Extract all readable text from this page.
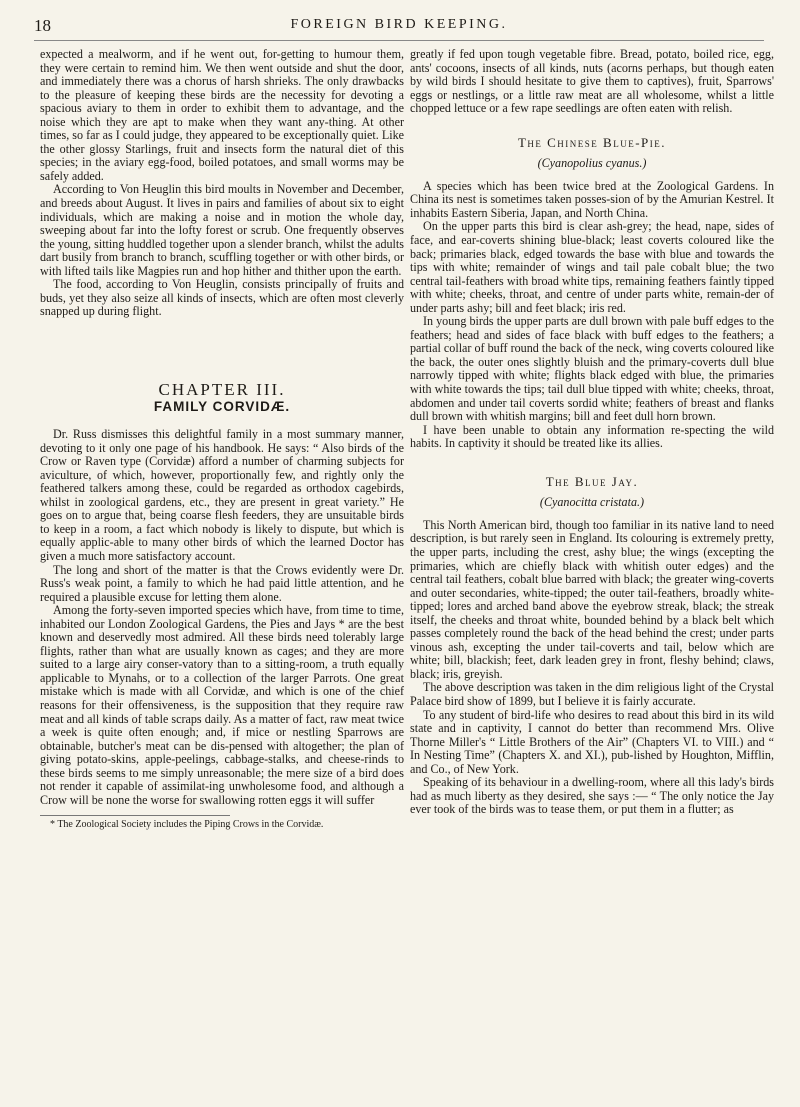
18	FOREIGN BIRD KEEPING.

expected a mealworm, and if he went out, for-getting to humour them, they were certain to remind him. We then went outside and shut the door, and immediately there was a chorus of harsh shrieks. The only drawbacks to the pleasure of keeping these birds are the necessity for devoting a spacious aviary to them in order to exhibit them to advantage, and the noise which they are apt to make when they want any-thing. At other times, so far as I could judge, they appeared to be exceptionally quiet. Like the other glossy Starlings, fruit and insects form the natural diet of this species; in the aviary egg-food, boiled potatoes, and small worms may be safely added.

According to Von Heuglin this bird moults in November and December, and breeds about August. It lives in pairs and families of about six to eight individuals, which are making a noise and in motion the whole day, sweeping about far into the lofty forest or scrub. One frequently observes the young, sitting huddled together upon a slender branch, whilst the adults dart busily from branch to branch, scuffling together or with other birds, or with lifted tails like Magpies run and hop hither and thither upon the earth.

The food, according to Von Heuglin, consists principally of fruits and buds, yet they also seize all kinds of insects, which are often most cleverly snapped up during flight.

CHAPTER III.
FAMILY CORVIDÆ.

Dr. Russ dismisses this delightful family in a most summary manner, devoting to it only one page of his handbook. He says: “ Also birds of the Crow or Raven type (Corvidæ) afford a number of charming subjects for aviculture, of which, however, proportionally few, and rightly only the feathered talkers among these, could be regarded as orthodox cagebirds, whilst in zoological gardens, etc., they are present in great variety.” He goes on to argue that, being coarse flesh feeders, they are unsuitable birds to keep in a room, a fact which nobody is likely to dispute, but which is equally applic-able to many other birds of which the learned Doctor has given a much more satisfactory account.

The long and short of the matter is that the Crows evidently were Dr. Russ's weak point, a family to which he had paid little attention, and he required a plausible excuse for letting them alone.

Among the forty-seven imported species which have, from time to time, inhabited our London Zoological Gardens, the Pies and Jays * are the best known and deservedly most admired. All these birds need tolerably large flights, rather than what are usually known as cages; and they are more suited to a large airy conser-vatory than to a sitting-room, a truth equally applicable to Mynahs, or to a collection of the larger Parrots. One great mistake which is made with all Corvidæ, and which is one of the chief reasons for their offensiveness, is the supposition that they require raw meat and all kinds of table scraps daily. As a matter of fact, raw meat twice a week is quite often enough; and, if mice or nestling Sparrows are obtainable, butcher's meat can be dis-pensed with altogether; the plan of giving potato-skins, apple-peelings, cabbage-stalks, and cheese-rinds to these birds seems to me simply unreasonable; the mere size of a bird does not render it capable of assimilat-ing unwholesome food, and although a Crow will be none the worse for swallowing rotten eggs it will suffer

* The Zoological Society includes the Piping Crows in the Corvidæ.

greatly if fed upon tough vegetable fibre. Bread, potato, boiled rice, egg, ants' cocoons, insects of all kinds, nuts (acorns perhaps, but though eaten by wild birds I should hesitate to give them to captives), fruit, Sparrows' eggs or nestlings, or a little raw meat are all wholesome, whilst a little chopped lettuce or a few rape seedlings are often eaten with relish.

The Chinese Blue-Pie.
(Cyanopolius cyanus.)

A species which has been twice bred at the Zoological Gardens. In China its nest is sometimes taken posses-sion of by the Amurian Kestrel. It inhabits Eastern Siberia, Japan, and North China.

On the upper parts this bird is clear ash-grey; the head, nape, sides of face, and ear-coverts shining blue-black; least coverts coloured like the back; primaries black, edged towards the base with blue and towards the tips with white; remainder of wings and tail pale cobalt blue; the two central tail-feathers with broad white tips, remaining feathers faintly tipped with white; cheeks, throat, and centre of under parts white, remain-der of under parts ashy; bill and feet black; iris red.

In young birds the upper parts are dull brown with pale buff edges to the feathers; head and sides of face black with buff edges to the feathers; a partial collar of buff round the back of the neck, wing coverts coloured like the back, the outer ones slightly bluish and the primary-coverts dull blue narrowly tipped with white; flights black edged with blue, the primaries with white towards the tips; tail dull blue tipped with white; cheeks, throat, abdomen and under tail coverts sordid white; feathers of breast and flanks dull brown with whitish margins; bill and feet dull horn brown.

I have been unable to obtain any information re-specting the wild habits. In captivity it should be treated like its allies.

The Blue Jay.
(Cyanocitta cristata.)

This North American bird, though too familiar in its native land to need description, is but rarely seen in England. Its colouring is extremely pretty, the upper parts, including the crest, ashy blue; the wings (excepting the primaries, which are chiefly black with whitish outer edges) and the central tail feathers, cobalt blue barred with black; the greater wing-coverts and outer secondaries, white-tipped; the outer tail-feathers, broadly white-tipped; lores and arched band above the eyebrow streak, black; the streak itself, the cheeks and throat white, bounded behind by a black belt which passes completely round the back of the head behind the crest; under parts vinous ash, excepting the under tail-coverts and tail, below which are white; bill, blackish; feet, dark leaden grey in front, fleshy behind; claws, black; iris, greyish.

The above description was taken in the dim religious light of the Crystal Palace bird show of 1899, but I believe it is fairly accurate.

To any student of bird-life who desires to read about this bird in its wild state and in captivity, I cannot do better than recommend Mrs. Olive Thorne Miller's “ Little Brothers of the Air” (Chapters VI. to VIII.) and “ In Nesting Time” (Chapters X. and XI.), pub-lished by Houghton, Mifflin, and Co., of New York.

Speaking of its behaviour in a dwelling-room, where all this lady's birds had as much liberty as they desired, she says :— “ The only notice the Jay ever took of the birds was to tease them, or put them in a flutter; as
